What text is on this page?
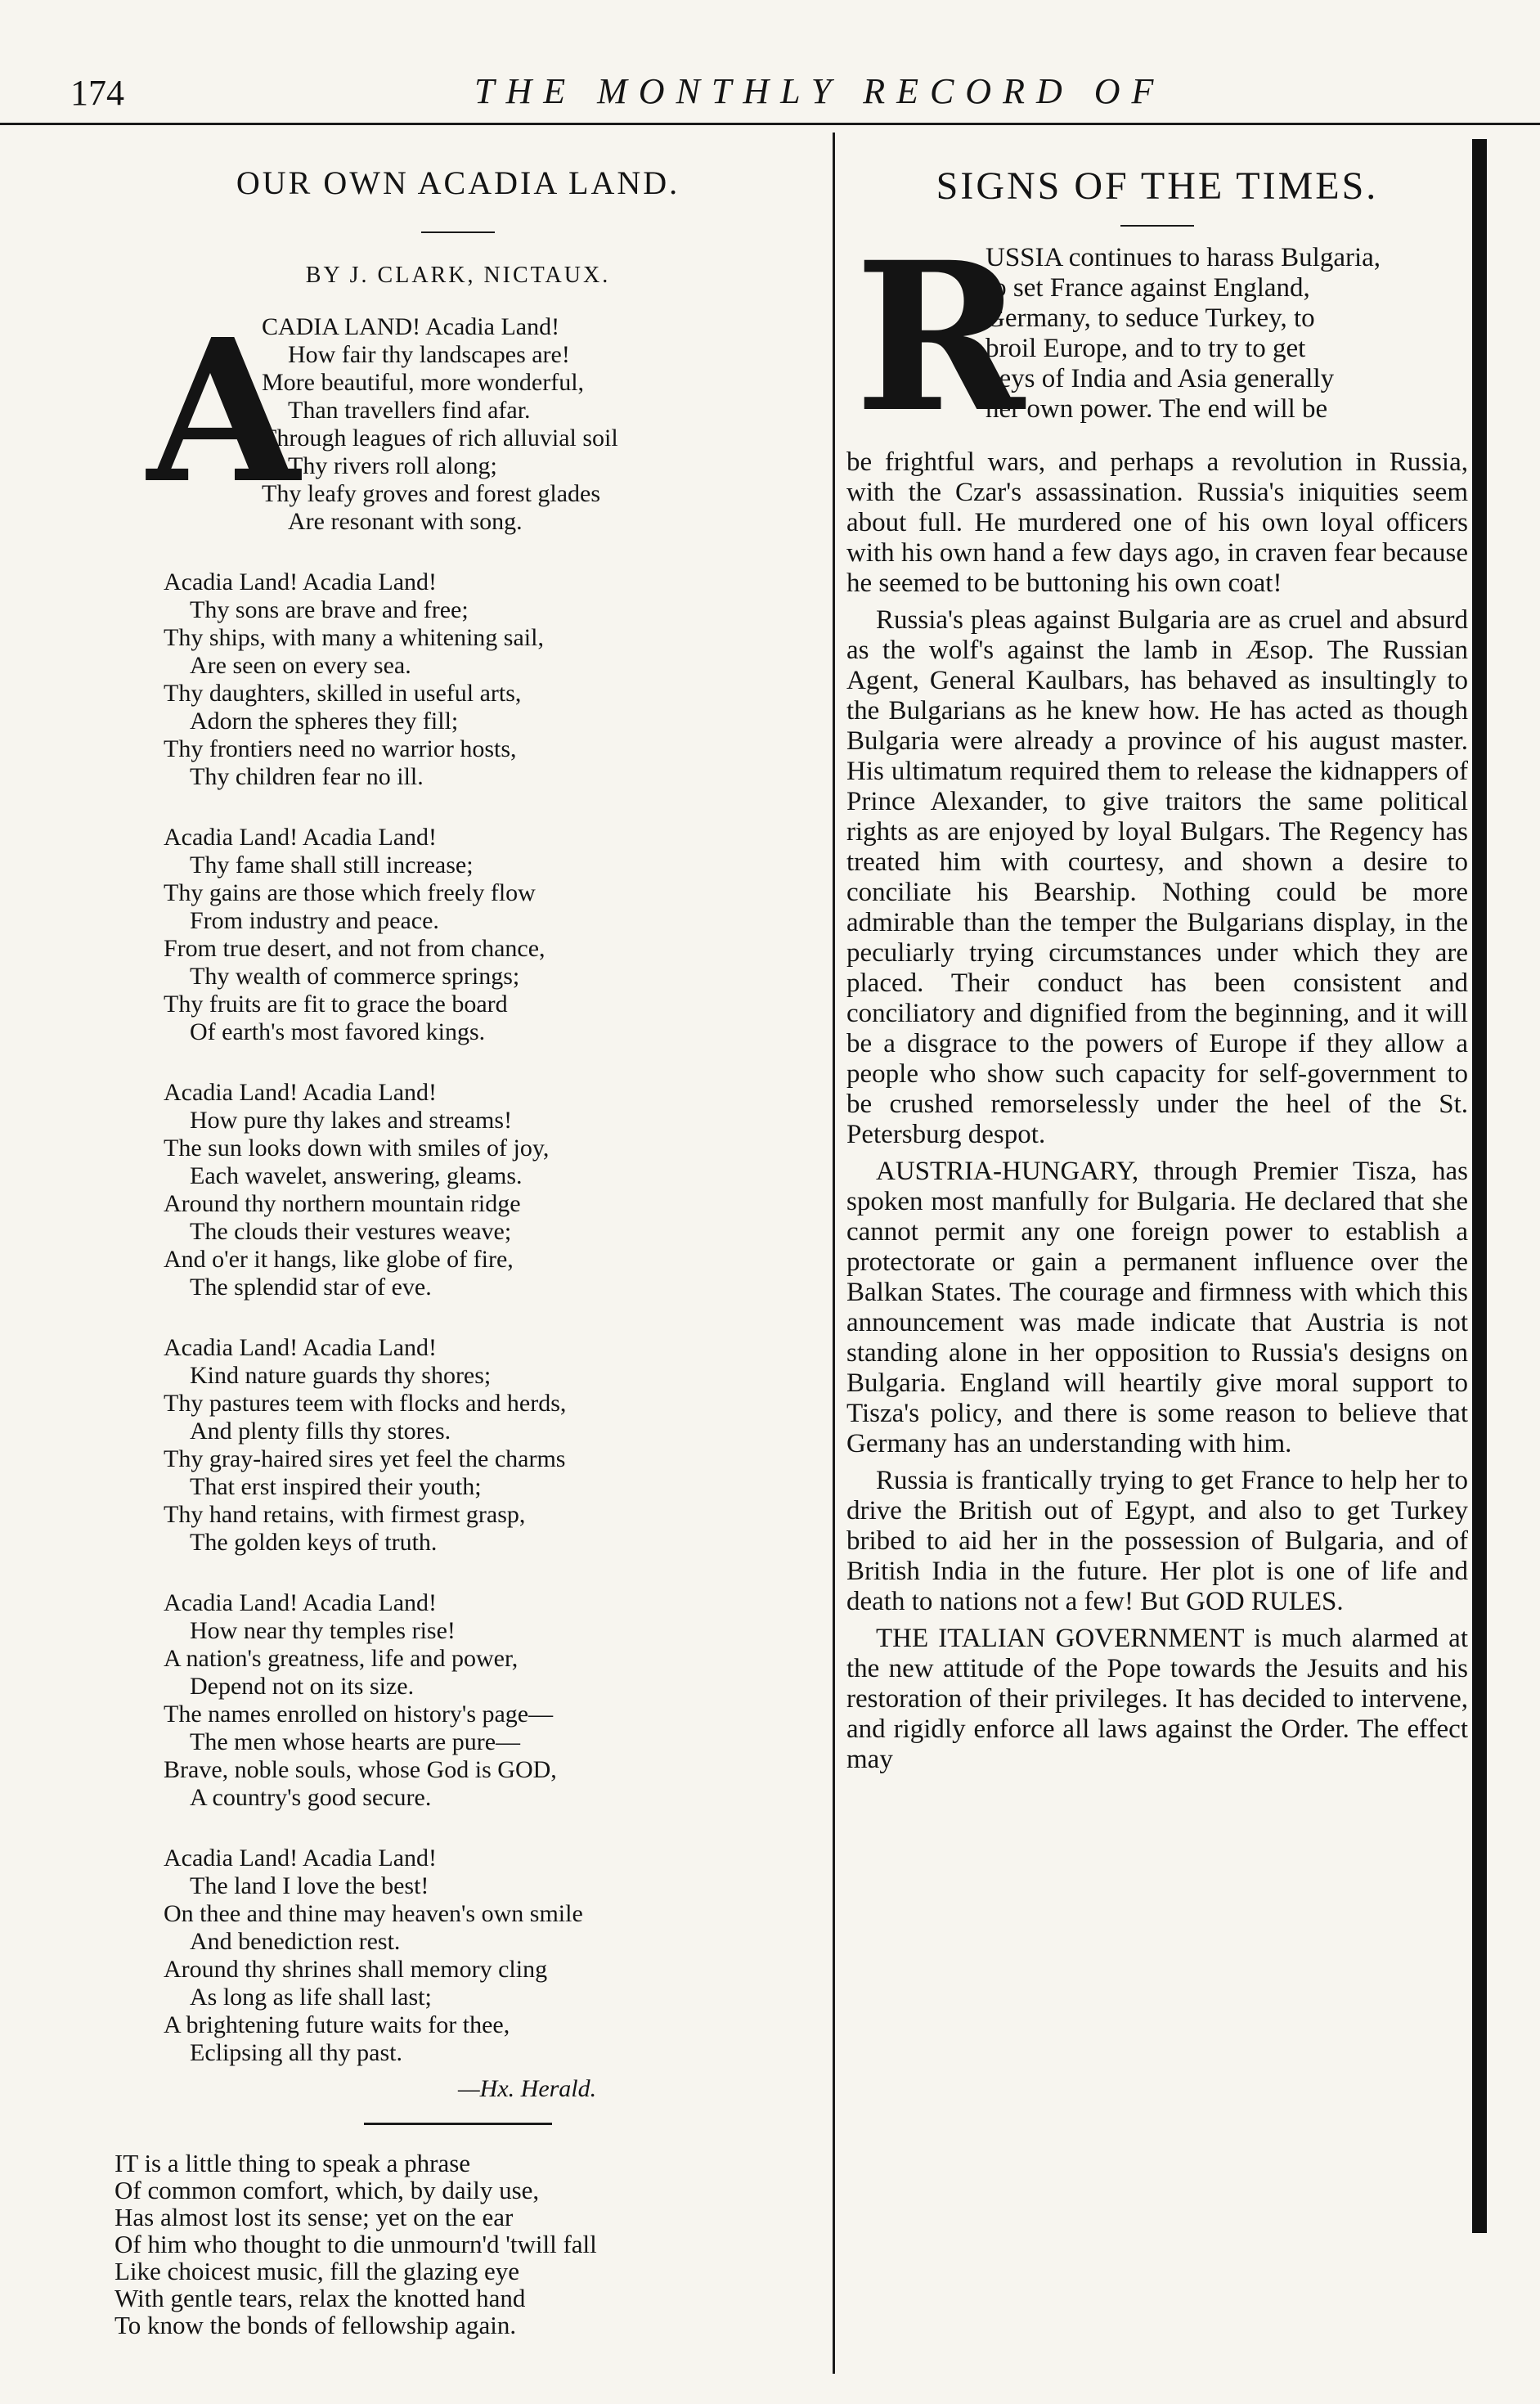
174	THE MONTHLY RECORD OF
OUR OWN ACADIA LAND.
BY J. CLARK, NICTAUX.
A
CADIA LAND! Acadia Land!
How fair thy landscapes are!
More beautiful, more wonderful,
Than travellers find afar.
Through leagues of rich alluvial soil
Thy rivers roll along;
Thy leafy groves and forest glades
Are resonant with song.
Acadia Land! Acadia Land!
Thy sons are brave and free;
Thy ships, with many a whitening sail,
Are seen on every sea.
Thy daughters, skilled in useful arts,
Adorn the spheres they fill;
Thy frontiers need no warrior hosts,
Thy children fear no ill.
Acadia Land! Acadia Land!
Thy fame shall still increase;
Thy gains are those which freely flow
From industry and peace.
From true desert, and not from chance,
Thy wealth of commerce springs;
Thy fruits are fit to grace the board
Of earth's most favored kings.
Acadia Land! Acadia Land!
How pure thy lakes and streams!
The sun looks down with smiles of joy,
Each wavelet, answering, gleams.
Around thy northern mountain ridge
The clouds their vestures weave;
And o'er it hangs, like globe of fire,
The splendid star of eve.
Acadia Land! Acadia Land!
Kind nature guards thy shores;
Thy pastures teem with flocks and herds,
And plenty fills thy stores.
Thy gray-haired sires yet feel the charms
That erst inspired their youth;
Thy hand retains, with firmest grasp,
The golden keys of truth.
Acadia Land! Acadia Land!
How near thy temples rise!
A nation's greatness, life and power,
Depend not on its size.
The names enrolled on history's page—
The men whose hearts are pure—
Brave, noble souls, whose God is GOD,
A country's good secure.
Acadia Land! Acadia Land!
The land I love the best!
On thee and thine may heaven's own smile
And benediction rest.
Around thy shrines shall memory cling
As long as life shall last;
A brightening future waits for thee,
Eclipsing all thy past.
—Hx. Herald.
IT is a little thing to speak a phrase
Of common comfort, which, by daily use,
Has almost lost its sense; yet on the ear
Of him who thought to die unmourn'd 'twill fall
Like choicest music, fill the glazing eye
With gentle tears, relax the knotted hand
To know the bonds of fellowship again.
SIGNS OF THE TIMES.
R
USSIA continues to harass Bulgaria,
to set France against England,
Germany, to seduce Turkey, to
broil Europe, and to try to get
keys of India and Asia generally
her own power. The end will be
be frightful wars, and perhaps a revolution in Russia, with the Czar's assassination. Russia's iniquities seem about full. He murdered one of his own loyal officers with his own hand a few days ago, in craven fear because he seemed to be buttoning his own coat!
Russia's pleas against Bulgaria are as cruel and absurd as the wolf's against the lamb in Æsop. The Russian Agent, General Kaulbars, has behaved as insultingly to the Bulgarians as he knew how. He has acted as though Bulgaria were already a province of his august master. His ultimatum required them to release the kidnappers of Prince Alexander, to give traitors the same political rights as are enjoyed by loyal Bulgars. The Regency has treated him with courtesy, and shown a desire to conciliate his Bearship. Nothing could be more admirable than the temper the Bulgarians display, in the peculiarly trying circumstances under which they are placed. Their conduct has been consistent and conciliatory and dignified from the beginning, and it will be a disgrace to the powers of Europe if they allow a people who show such capacity for self-government to be crushed remorselessly under the heel of the St. Petersburg despot.
AUSTRIA-HUNGARY, through Premier Tisza, has spoken most manfully for Bulgaria. He declared that she cannot permit any one foreign power to establish a protectorate or gain a permanent influence over the Balkan States. The courage and firmness with which this announcement was made indicate that Austria is not standing alone in her opposition to Russia's designs on Bulgaria. England will heartily give moral support to Tisza's policy, and there is some reason to believe that Germany has an understanding with him.
Russia is frantically trying to get France to help her to drive the British out of Egypt, and also to get Turkey bribed to aid her in the possession of Bulgaria, and of British India in the future. Her plot is one of life and death to nations not a few! But GOD RULES.
THE ITALIAN GOVERNMENT is much alarmed at the new attitude of the Pope towards the Jesuits and his restoration of their privileges. It has decided to intervene, and rigidly enforce all laws against the Order. The effect may
